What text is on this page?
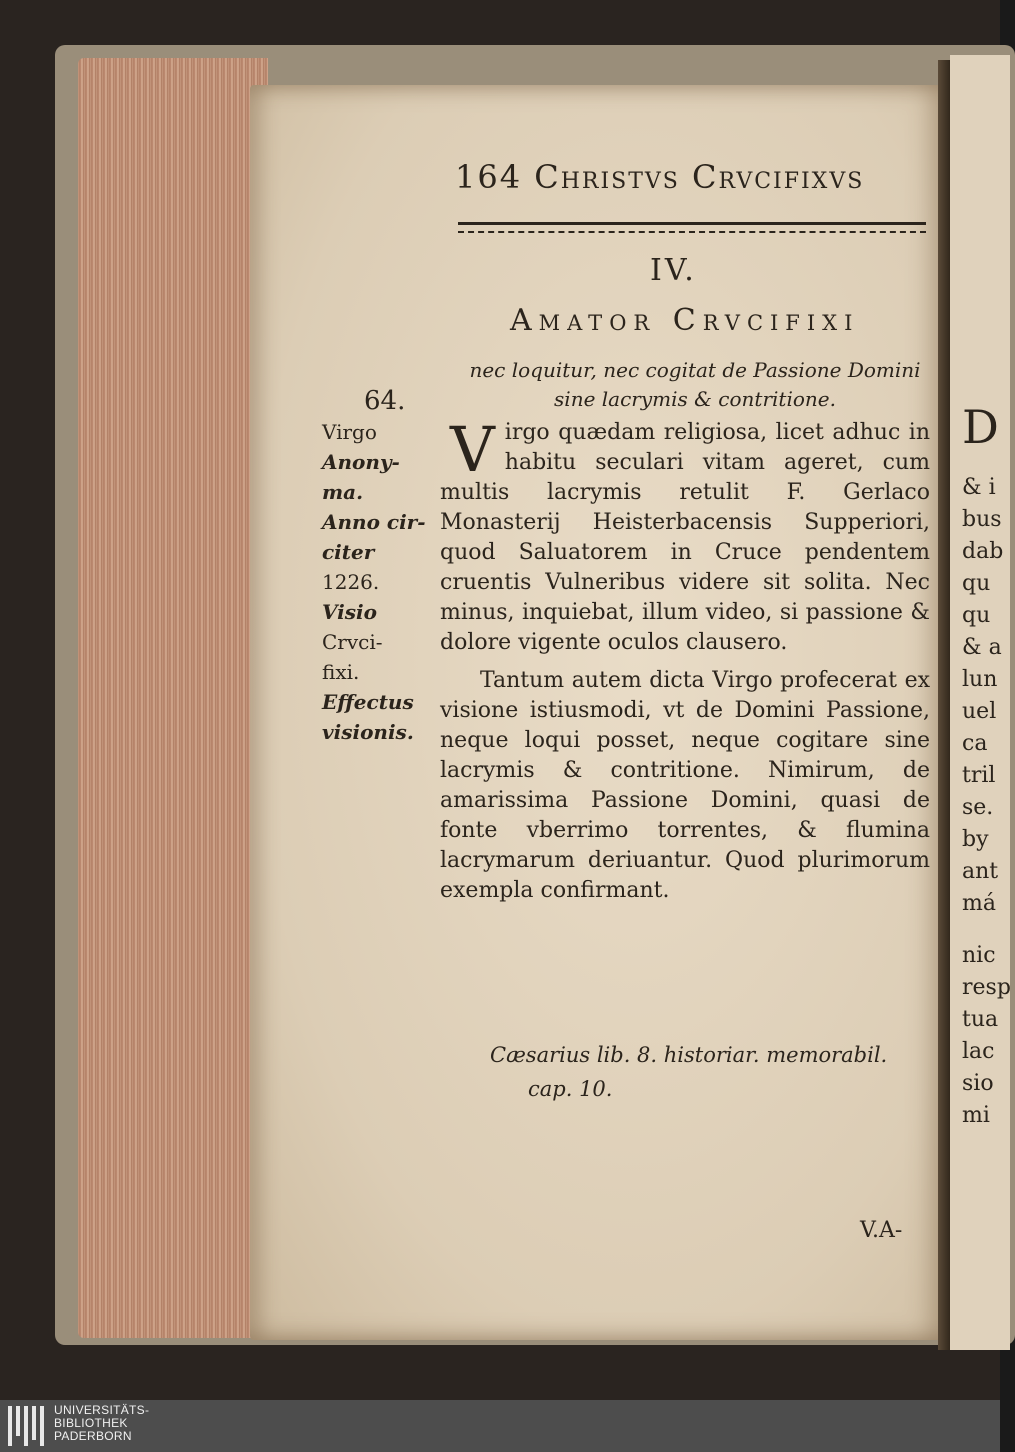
D
& i
bus
dab
qu
qu
& a
lun
uel
ca
tril
se.
by
ant
má
nic
resp
tua
lac
sio
mi
164 Christvs Crvcifixvs
IV.
Amator Crvcifixi
nec loquitur, nec cogitat de Passione Domini sine lacrymis & contritione.
64.
Virgo
Anony-
ma.
Anno cir-
citer
1226.
Visio
Crvci-
fixi.
Effectus
visionis.

V irgo quædam religiosa, licet adhuc in habitu seculari vitam ageret, cum multis lacrymis retulit F. Gerlaco Monasterij Heisterbacensis Supperiori, quod Saluatorem in Cruce pendentem cruentis Vulneribus videre sit solita. Nec minus, inquiebat, illum video, si passione & dolore vigente oculos clausero.

Tantum autem dicta Virgo profecerat ex visione istiusmodi, vt de Domini Passione, neque loqui posset, neque cogitare sine lacrymis & contritione. Nimirum, de amarissima Passione Domini, quasi de fonte vberrimo torrentes, & flumina lacrymarum deriuantur. Quod plurimorum exempla confirmant.

Cæsarius lib. 8. historiar. memorabil.
cap. 10.
V.A-
UNIVERSITÄTS-
BIBLIOTHEK
PADERBORN
